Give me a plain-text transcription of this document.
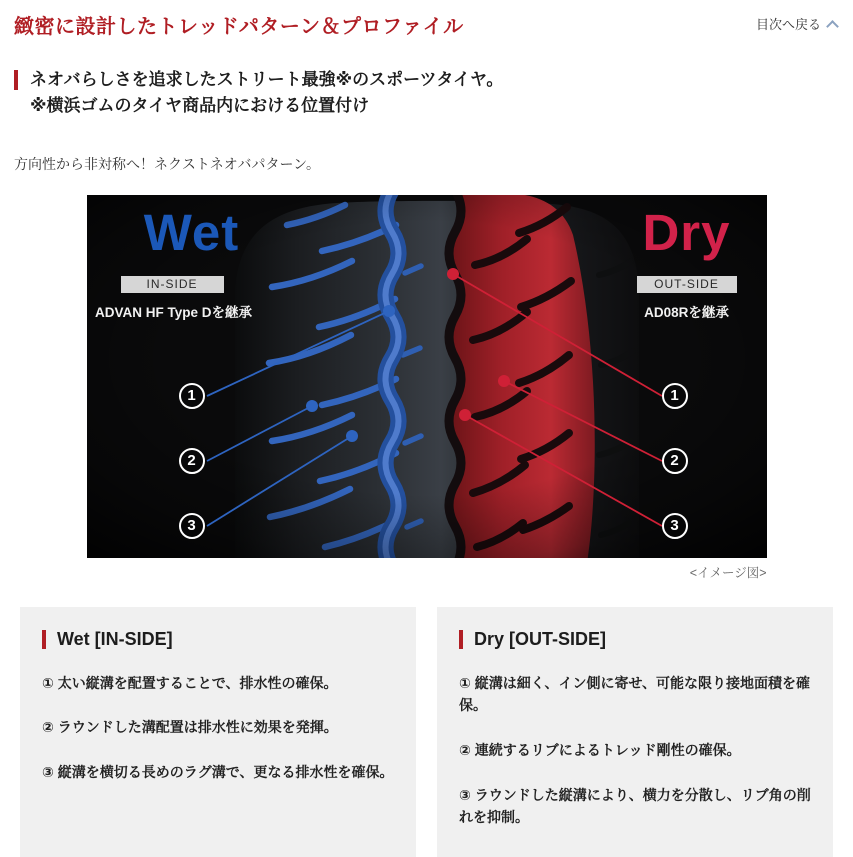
緻密に設計したトレッドパターン＆プロファイル	目次へ戻る
ネオバらしさを追求したストリート最強※のスポーツタイヤ。
※横浜ゴムのタイヤ商品内における位置付け

方向性から非対称へ！ネクストネオバパターン。

Wet	Dry
IN-SIDE	OUT-SIDE
ADVAN HF Type Dを継承	AD08Rを継承
1
2
3
1
2
3
<イメージ図>
Wet [IN-SIDE]
① 太い縦溝を配置することで、排水性の確保。
② ラウンドした溝配置は排水性に効果を発揮。
③ 縦溝を横切る長めのラグ溝で、更なる排水性を確保。
Dry [OUT-SIDE]
① 縦溝は細く、イン側に寄せ、可能な限り接地面積を確保。
② 連続するリブによるトレッド剛性の確保。
③ ラウンドした縦溝により、横力を分散し、リブ角の削れを抑制。
